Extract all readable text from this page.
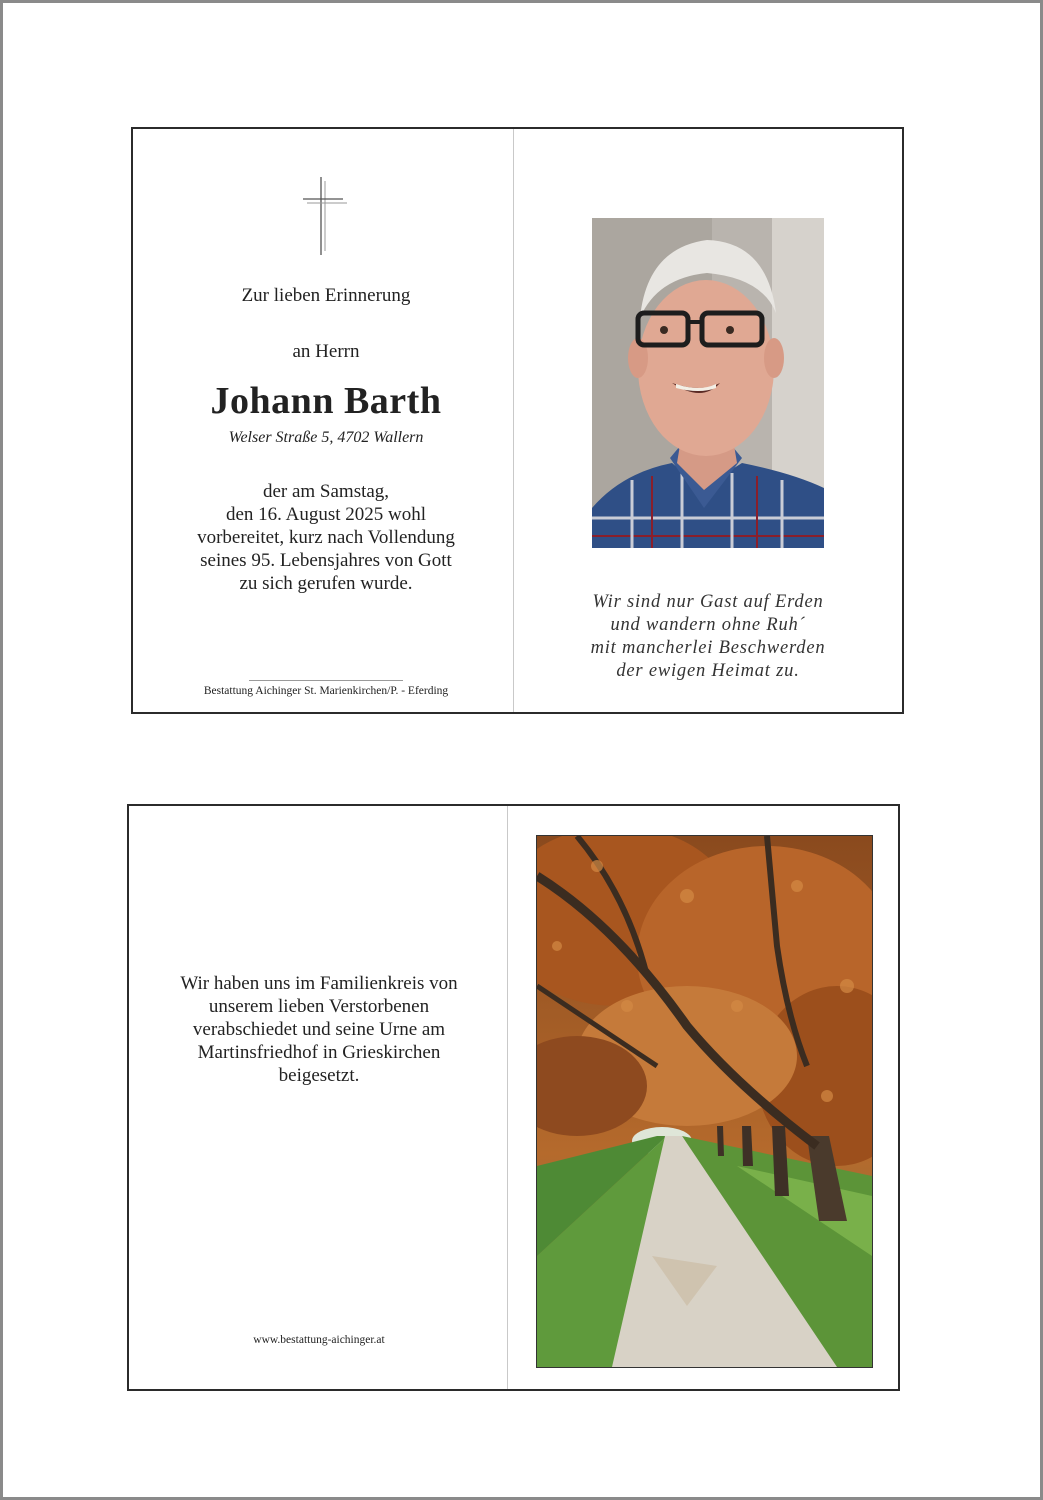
Zur lieben Erinnerung
an Herrn
Johann Barth
Welser Straße 5, 4702 Wallern
der am Samstag,
den 16. August 2025 wohl
vorbereitet, kurz nach Vollendung
seines 95. Lebensjahres von Gott
zu sich gerufen wurde.
Bestattung Aichinger St. Marienkirchen/P. - Eferding
Wir sind nur Gast auf Erden
und wandern ohne Ruh´
mit mancherlei Beschwerden
der ewigen Heimat zu.
Wir haben uns im Familienkreis von
unserem lieben Verstorbenen
verabschiedet und seine Urne am
Martinsfriedhof in Grieskirchen
beigesetzt.
www.bestattung-aichinger.at
